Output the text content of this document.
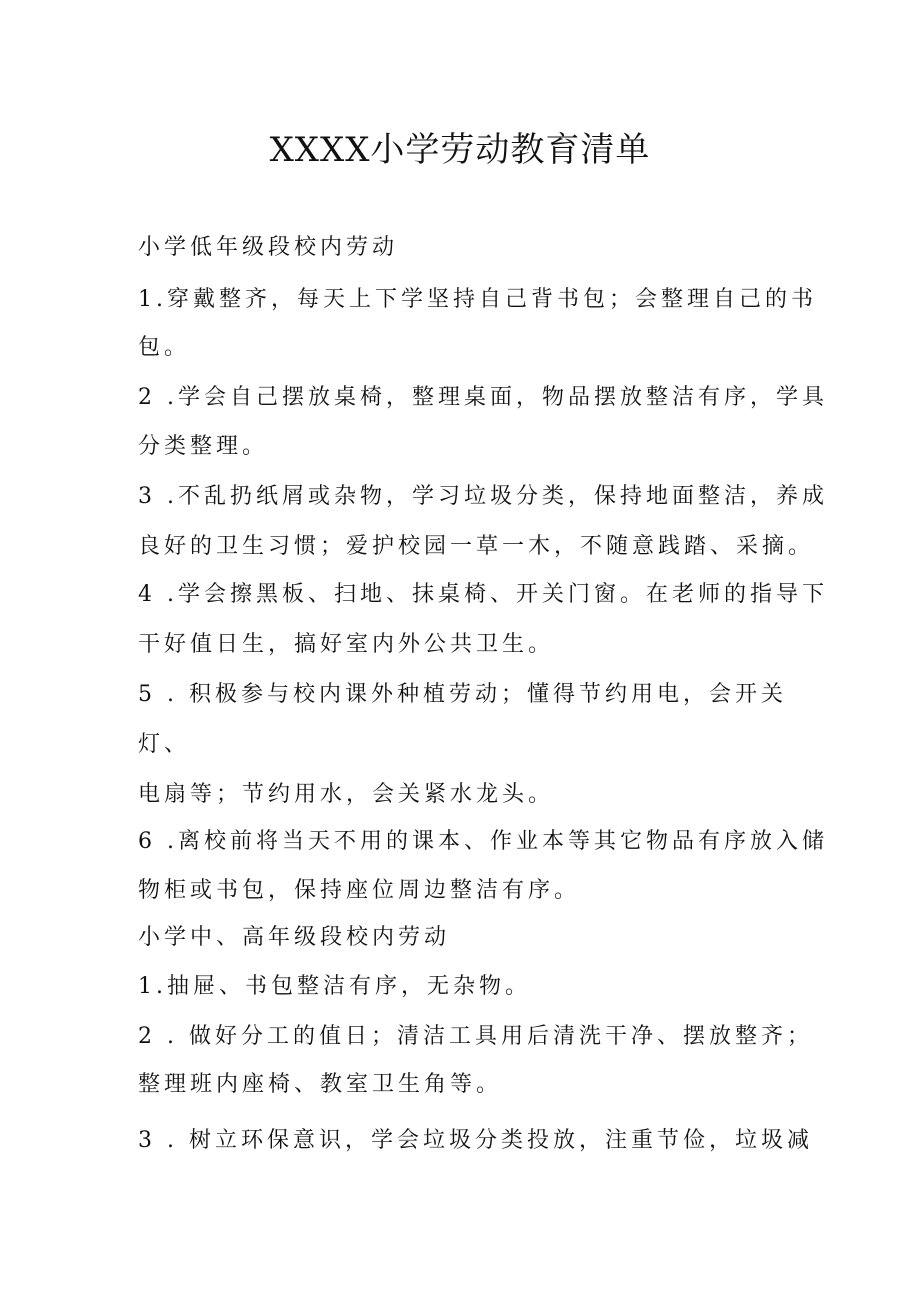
XXXX小学劳动教育清单
小学低年级段校内劳动
1.穿戴整齐，每天上下学坚持自己背书包；会整理自己的书
包。
2 .学会自己摆放桌椅，整理桌面，物品摆放整洁有序，学具
分类整理。
3 .不乱扔纸屑或杂物，学习垃圾分类，保持地面整洁，养成
良好的卫生习惯；爱护校园一草一木，不随意践踏、采摘。
4 .学会擦黑板、扫地、抹桌椅、开关门窗。在老师的指导下
干好值日生，搞好室内外公共卫生。
5 . 积极参与校内课外种植劳动；懂得节约用电，会开关
灯、
电扇等；节约用水，会关紧水龙头。
6 .离校前将当天不用的课本、作业本等其它物品有序放入储
物柜或书包，保持座位周边整洁有序。
小学中、高年级段校内劳动
1.抽屉、书包整洁有序，无杂物。
2 . 做好分工的值日；清洁工具用后清洗干净、摆放整齐；
整理班内座椅、教室卫生角等。
3 . 树立环保意识，学会垃圾分类投放，注重节俭，垃圾减
